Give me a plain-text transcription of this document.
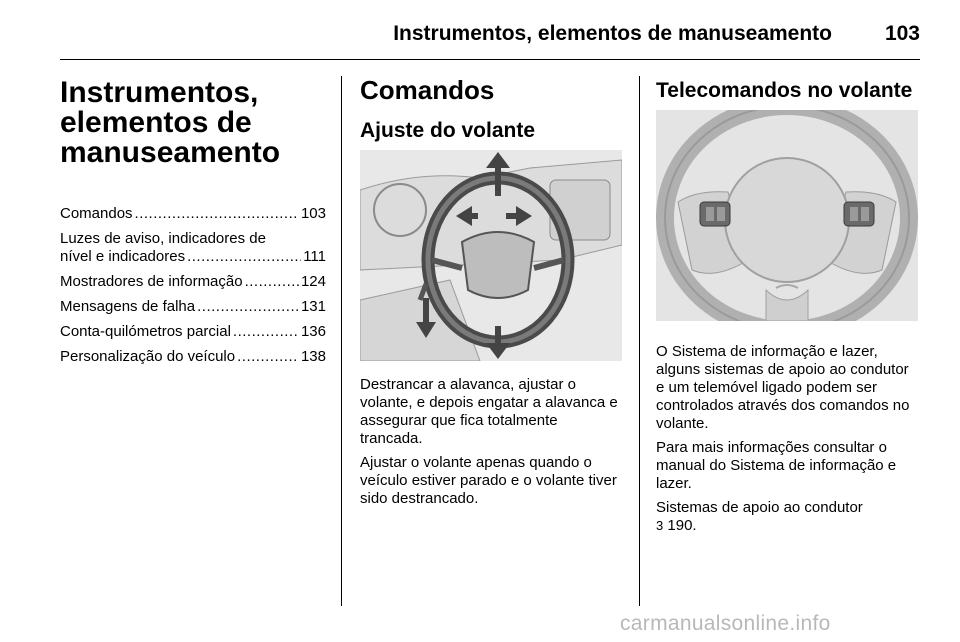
Instrumentos, elementos de manuseamento	103
Instrumentos, elementos de manuseamento
Comandos .....	103
Luzes de aviso, indicadores de
nível e indicadores .....	111
Mostradores de informação .....	124
Mensagens de falha .....	131
Conta-quilómetros parcial .....	136
Personalização do veículo .....	138
Comandos
Ajuste do volante

Destrancar a alavanca, ajustar o volante, e depois engatar a alavanca e assegurar que fica totalmente trancada.

Ajustar o volante apenas quando o veículo estiver parado e o volante tiver sido destrancado.

Telecomandos no volante

O Sistema de informação e lazer, alguns sistemas de apoio ao condutor e um telemóvel ligado podem ser controlados através dos comandos no volante.

Para mais informações consultar o manual do Sistema de informação e lazer.

Sistemas de apoio ao condutor
3 190.

carmanualsonline.info
